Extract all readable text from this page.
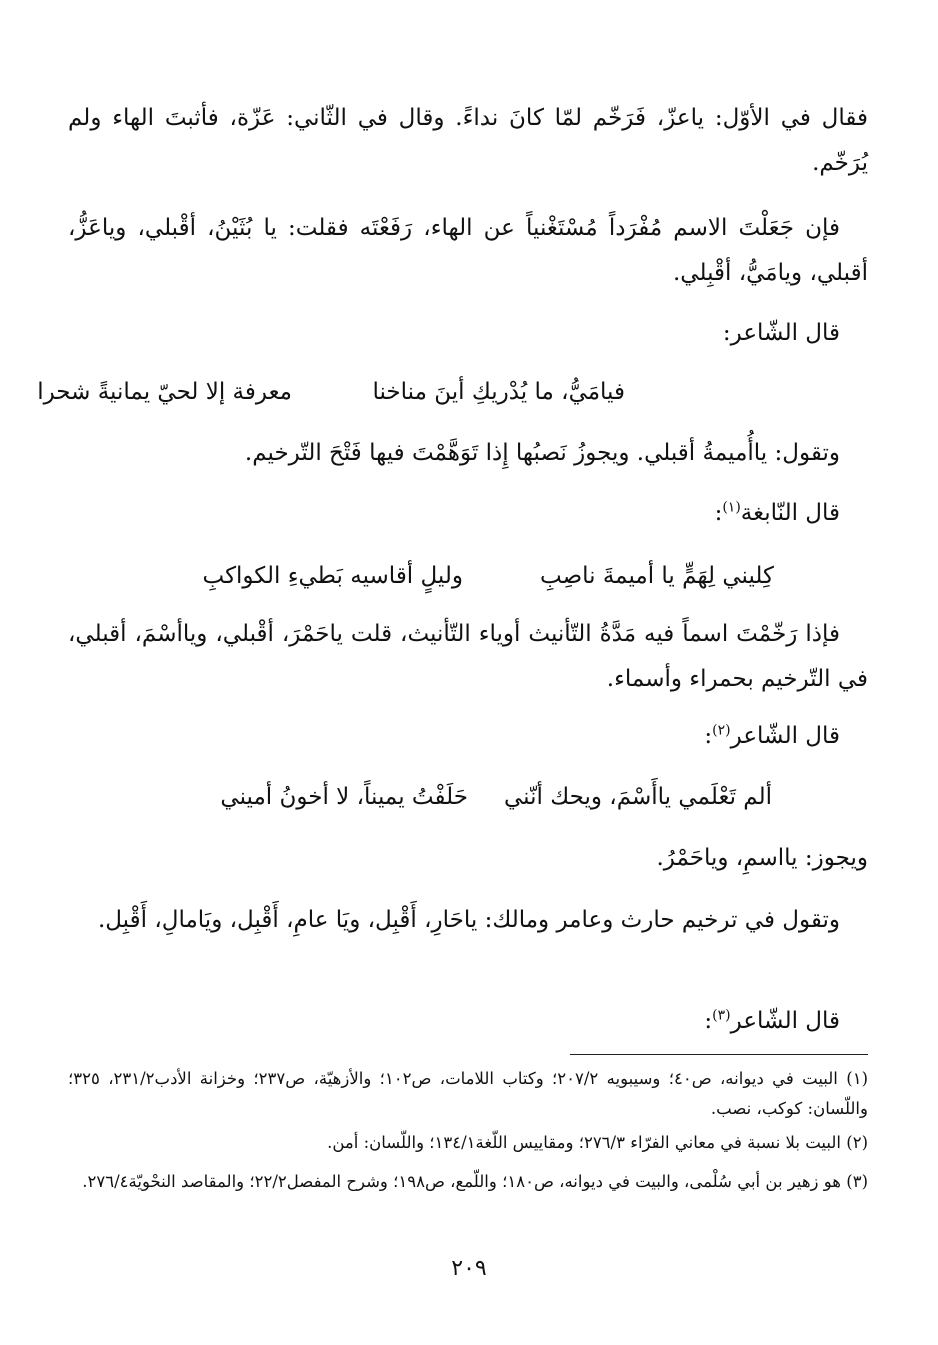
فقال في الأوّل: ياعزّ، فَرَخّم لمّا كانَ نداءً. وقال في الثّاني: عَزّة، فأثبتَ الهاء ولم يُرَخّم.
فإن جَعَلْتَ الاسم مُفْرَداً مُسْتَغْنياً عن الهاء، رَفَعْتَه فقلت: يا بُثَيْنُ، أقْبلي، وياعَزُّ، أقبلي، ويامَيُّ، أقْبِلي.
قال الشّاعر:
فيامَيُّ، ما يُدْريكِ أينَ مناخنا
معرفة إلا لحيّ يمانيةً شحرا
وتقول: ياأُميمةُ أقبلي. ويجوزُ نَصبُها إِذا تَوَهَّمْتَ فيها فَتْحَ التّرخيم.
قال النّابغة$^{(١)}$:
كِليني لِهَمٍّ يا أميمةَ ناصِبِ
وليلٍ أقاسيه بَطيءِ الكواكبِ
فإذا رَخّمْتَ اسماً فيه مَدَّةُ التّأنيث أوياء التّأنيث، قلت ياحَمْرَ، أقْبلي، وياأسْمَ، أقبلي، في التّرخيم بحمراء وأسماء.
قال الشّاعر$^{(٢)}$:
ألم تَعْلَمي ياأَسْمَ، ويحك أنّني
حَلَفْتُ يميناً، لا أخونُ أميني
ويجوز: يااسمِ، وياحَمْرُ.
وتقول في ترخيم حارث وعامر ومالك: ياحَارِ، أَقْبِل، ويَا عامِ، أَقْبِل، ويَامالِ، أَقْبِل.
قال الشّاعر$^{(٣)}$:
(١) البيت في ديوانه، ص٤٠؛ وسيبويه ٢٠٧/٢؛ وكتاب اللامات، ص١٠٢؛ والأزهيّة، ص٢٣٧؛ وخزانة الأدب٢٣١/٢، ٣٢٥؛ واللّسان: كوكب، نصب.
(٢) البيت بلا نسبة في معاني الفرّاء ٢٧٦/٣؛ ومقاييس اللّغة١٣٤/١؛ واللّسان: أمن.
(٣) هو زهير بن أبي سُلْمى، والبيت في ديوانه، ص١٨٠؛ واللّمع، ص١٩٨؛ وشرح المفصل٢٢/٢؛ والمقاصد النحْويّة٢٧٦/٤.
٢٠٩
